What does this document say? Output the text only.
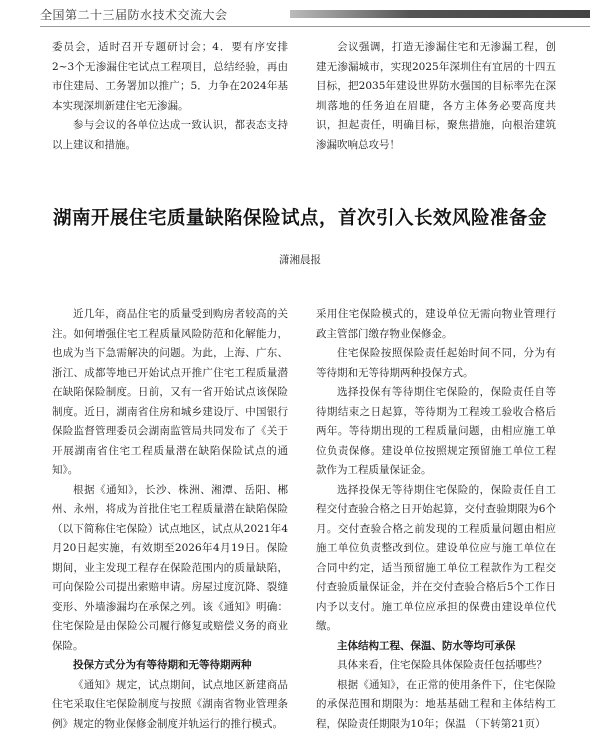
全国第二十三届防水技术交流大会

委员会，适时召开专题研讨会；4．要有序安排2~3个无渗漏住宅试点工程项目，总结经验，再由市住建局、工务署加以推广；5．力争在2024年基本实现深圳新建住宅无渗漏。

参与会议的各单位达成一致认识，都表态支持以上建议和措施。

会议强调，打造无渗漏住宅和无渗漏工程，创建无渗漏城市，实现2025年深圳住有宜居的十四五目标，把2035年建设世界防水强国的目标率先在深圳落地的任务迫在眉睫，各方主体务必要高度共识，担起责任，明确目标，聚焦措施，向根治建筑渗漏吹响总攻号！

湖南开展住宅质量缺陷保险试点，首次引入长效风险准备金
潇湘晨报

近几年，商品住宅的质量受到购房者较高的关注。如何增强住宅工程质量风险防范和化解能力，也成为当下急需解决的问题。为此，上海、广东、浙江、成都等地已开始试点开推广住宅工程质量潜在缺陷保险制度。日前，又有一省开始试点该保险制度。近日，湖南省住房和城乡建设厅、中国银行保险监督管理委员会湖南监管局共同发布了《关于开展湖南省住宅工程质量潜在缺陷保险试点的通知》。

根据《通知》，长沙、株洲、湘潭、岳阳、郴州、永州，将成为首批住宅工程质量潜在缺陷保险（以下简称住宅保险）试点地区，试点从2021年4月20日起实施，有效期至2026年4月19日。保险期间，业主发现工程存在保险范围内的质量缺陷，可向保险公司提出索赔申请。房屋过度沉降、裂缝变形、外墙渗漏均在承保之列。该《通知》明确：住宅保险是由保险公司履行修复或赔偿义务的商业保险。

投保方式分为有等待期和无等待期两种

《通知》规定，试点期间，试点地区新建商品住宅采取住宅保险制度与按照《湖南省物业管理条例》规定的物业保修金制度并轨运行的推行模式。

采用住宅保险模式的，建设单位无需向物业管理行政主管部门缴存物业保修金。

住宅保险按照保险责任起始时间不同，分为有等待期和无等待期两种投保方式。

选择投保有等待期住宅保险的，保险责任自等待期结束之日起算，等待期为工程竣工验收合格后两年。等待期出现的工程质量问题，由相应施工单位负责保修。建设单位按照规定预留施工单位工程款作为工程质量保证金。

选择投保无等待期住宅保险的，保险责任自工程交付查验合格之日开始起算，交付查验期限为6个月。交付查验合格之前发现的工程质量问题由相应施工单位负责整改到位。建设单位应与施工单位在合同中约定，适当预留施工单位工程款作为工程交付查验质量保证金，并在交付查验合格后5个工作日内予以支付。施工单位应承担的保费由建设单位代缴。

主体结构工程、保温、防水等均可承保

具体来看，住宅保险具体保险责任包括哪些？

根据《通知》，在正常的使用条件下，住宅保险的承保范围和期限为：地基基础工程和主体结构工程，保险责任期限为10年；保温 （下转第21页）
